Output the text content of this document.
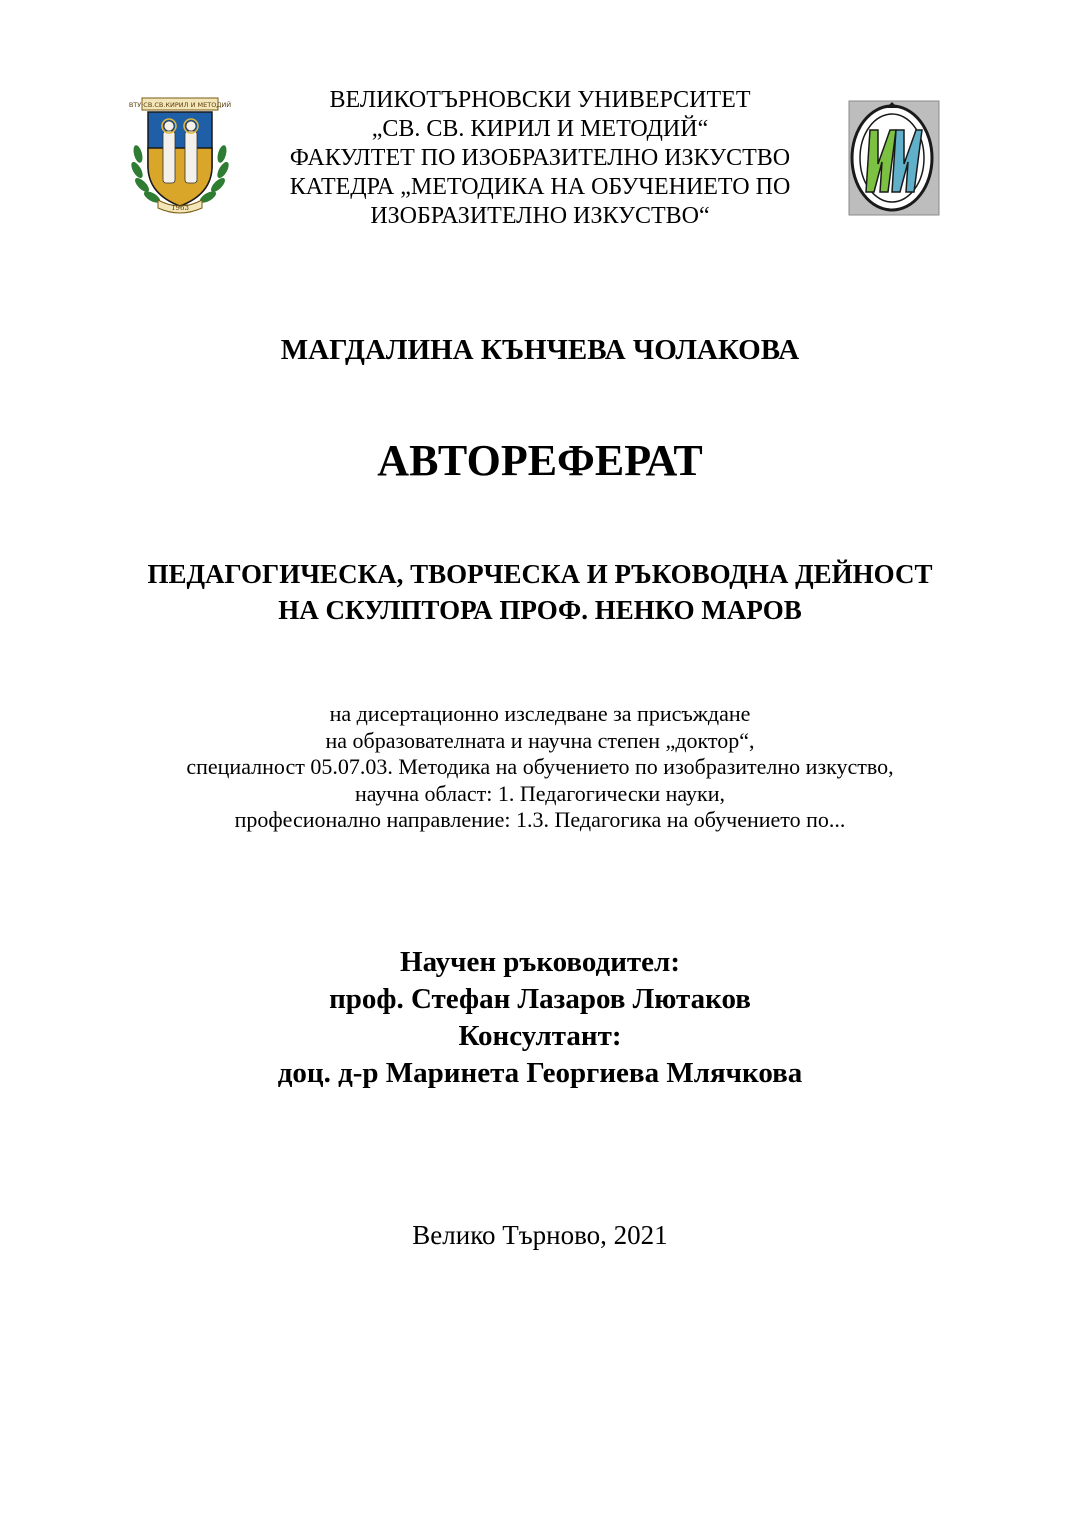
ВТУ·СВ.СВ.КИРИЛ И МЕТОДИЙ
1963
ВЕЛИКОТЪРНОВСКИ УНИВЕРСИТЕТ
„СВ. СВ. КИРИЛ И МЕТОДИЙ“
ФАКУЛТЕТ ПО ИЗОБРАЗИТЕЛНО ИЗКУСТВО
КАТЕДРА „МЕТОДИКА НА ОБУЧЕНИЕТО ПО
ИЗОБРАЗИТЕЛНО ИЗКУСТВО“
МАГДАЛИНА КЪНЧЕВА ЧОЛАКОВА
АВТОРЕФЕРАТ
ПЕДАГОГИЧЕСКА, ТВОРЧЕСКА И РЪКОВОДНА ДЕЙНОСТ
НА СКУЛПТОРА ПРОФ. НЕНКО МАРОВ
на дисертационно изследване за присъждане
на образователната и научна степен „доктор“,
специалност 05.07.03. Методика на обучението по изобразително изкуство,
научна област: 1. Педагогически науки,
професионално направление: 1.3. Педагогика на обучението по...
Научен ръководител:
проф. Стефан Лазаров Лютаков
Консултант:
доц. д-р Маринета Георгиева Млячкова
Велико Търново, 2021
